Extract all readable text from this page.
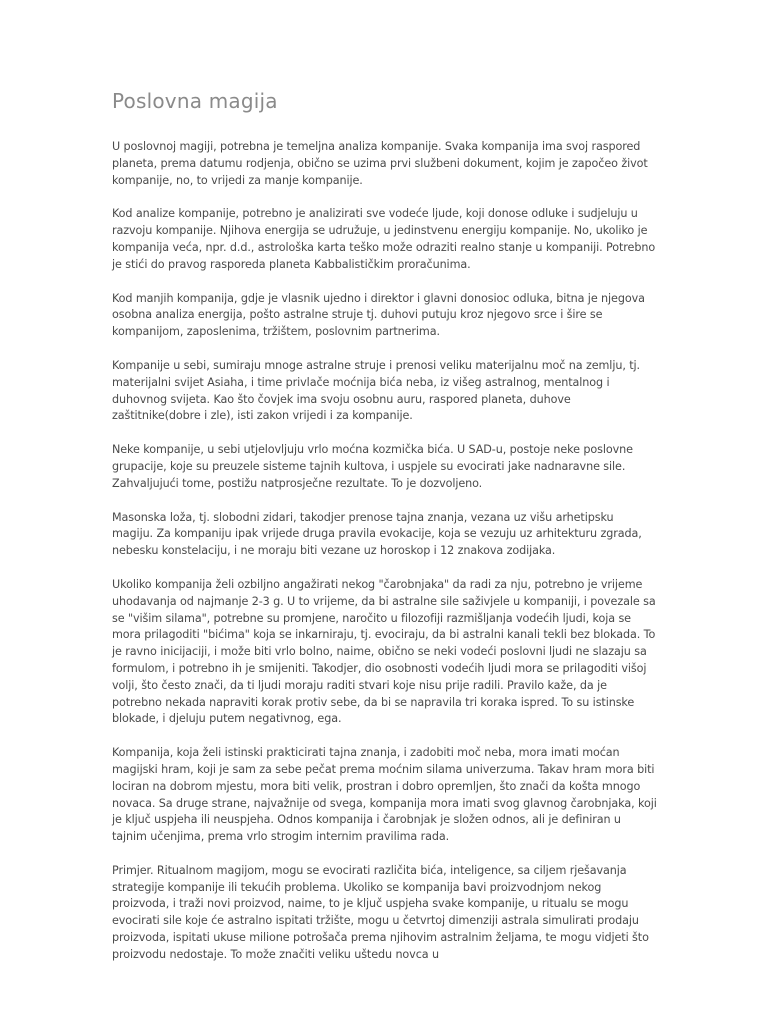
Poslovna magija

U poslovnoj magiji, potrebna je temeljna analiza kompanije. Svaka kompanija ima svoj raspored planeta, prema datumu rodjenja, obično se uzima prvi službeni dokument, kojim je započeo život kompanije, no, to vrijedi za manje kompanije.

Kod analize kompanije, potrebno je analizirati sve vodeće ljude, koji donose odluke i sudjeluju u razvoju kompanije. Njihova energija se udružuje, u jedinstvenu energiju kompanije. No, ukoliko je kompanija veća, npr. d.d., astrološka karta teško može odraziti realno stanje u kompaniji. Potrebno je stići do pravog rasporeda planeta Kabbalističkim proračunima.

Kod manjih kompanija, gdje je vlasnik ujedno i direktor i glavni donosioc odluka, bitna je njegova osobna analiza energija, pošto astralne struje tj. duhovi putuju kroz njegovo srce i šire se kompanijom, zaposlenima, tržištem, poslovnim partnerima.

Kompanije u sebi, sumiraju mnoge astralne struje i prenosi veliku materijalnu moč na zemlju, tj. materijalni svijet Asiaha, i time privlače moćnija bića neba, iz višeg astralnog, mentalnog i duhovnog svijeta. Kao što čovjek ima svoju osobnu auru, raspored planeta, duhove zaštitnike(dobre i zle), isti zakon vrijedi i za kompanije.

Neke kompanije, u sebi utjelovljuju vrlo moćna kozmička bića. U SAD-u, postoje neke poslovne grupacije, koje su preuzele sisteme tajnih kultova, i uspjele su evocirati jake nadnaravne sile. Zahvaljujući tome, postižu natprosječne rezultate. To je dozvoljeno.

Masonska loža, tj. slobodni zidari, takodjer prenose tajna znanja, vezana uz višu arhetipsku magiju. Za kompaniju ipak vrijede druga pravila evokacije, koja se vezuju uz arhitekturu zgrada, nebesku konstelaciju, i ne moraju biti vezane uz horoskop i 12 znakova zodijaka.

Ukoliko kompanija želi ozbiljno angažirati nekog "čarobnjaka" da radi za nju, potrebno je vrijeme uhodavanja od najmanje 2-3 g. U to vrijeme, da bi astralne sile saživjele u kompaniji, i povezale sa se "višim silama", potrebne su promjene, naročito u filozofiji razmišljanja vodećih ljudi, koja se mora prilagoditi "bićima" koja se inkarniraju, tj. evociraju, da bi astralni kanali tekli bez blokada. To je ravno inicijaciji, i može biti vrlo bolno, naime, obično se neki vodeći poslovni ljudi ne slazaju sa formulom, i potrebno ih je smijeniti. Takodjer, dio osobnosti vodećih ljudi mora se prilagoditi višoj volji, što često znači, da ti ljudi moraju raditi stvari koje nisu prije radili. Pravilo kaže, da je potrebno nekada napraviti korak protiv sebe, da bi se napravila tri koraka ispred. To su istinske blokade, i djeluju putem negativnog, ega.

Kompanija, koja želi istinski prakticirati tajna znanja, i zadobiti moč neba, mora imati moćan magijski hram, koji je sam za sebe pečat prema moćnim silama univerzuma. Takav hram mora biti lociran na dobrom mjestu, mora biti velik, prostran i dobro opremljen, što znači da košta mnogo novaca. Sa druge strane, najvažnije od svega, kompanija mora imati svog glavnog čarobnjaka, koji je ključ uspjeha ili neuspjeha. Odnos kompanija i čarobnjak je složen odnos, ali je definiran u tajnim učenjima, prema vrlo strogim internim pravilima rada.

Primjer. Ritualnom magijom, mogu se evocirati različita bića, inteligence, sa ciljem rješavanja strategije kompanije ili tekućih problema. Ukoliko se kompanija bavi proizvodnjom nekog proizvoda, i traži novi proizvod, naime, to je ključ uspjeha svake kompanije, u ritualu se mogu evocirati sile koje će astralno ispitati tržište, mogu u četvrtoj dimenziji astrala simulirati prodaju proizvoda, ispitati ukuse milione potrošača prema njihovim astralnim željama, te mogu vidjeti što proizvodu nedostaje. To može značiti veliku uštedu novca u
